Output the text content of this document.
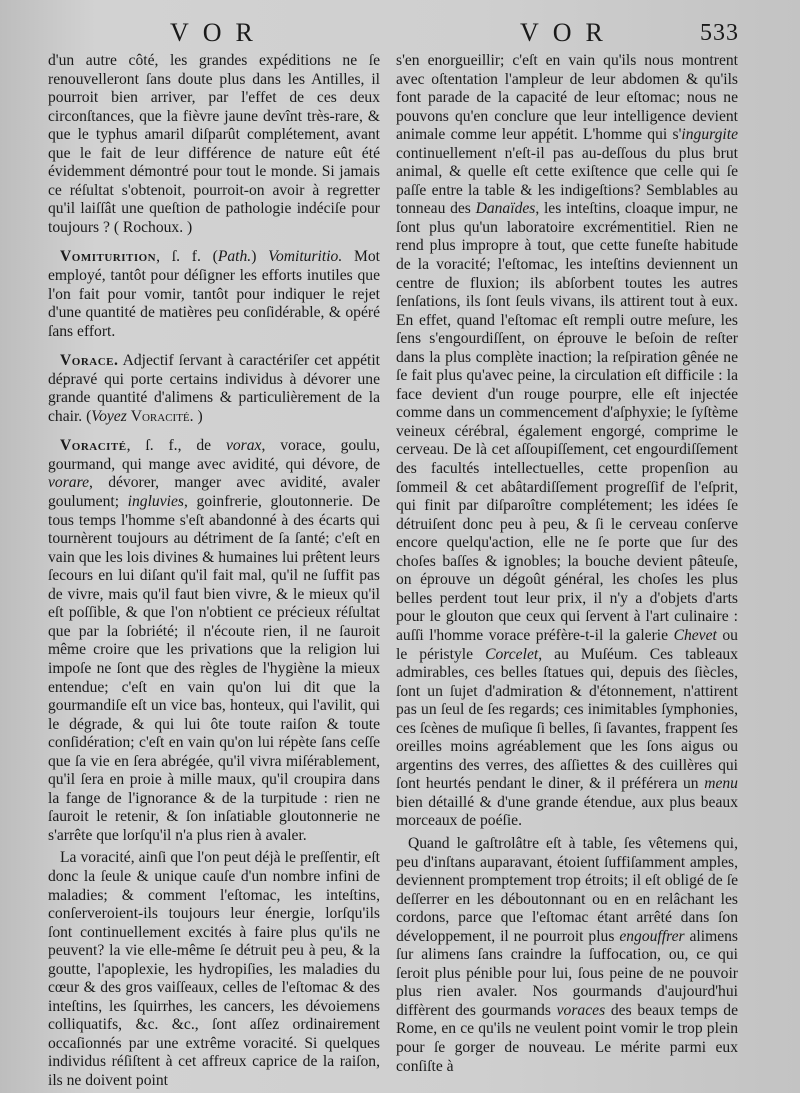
VOR	VOR	533

d'un autre côté, les grandes expéditions ne ſe renouvelleront ſans doute plus dans les Antilles, il pourroit bien arriver, par l'effet de ces deux circonſtances, que la fièvre jaune devînt très-rare, & que le typhus amaril diſparût complétement, avant que le fait de leur différence de nature eût été évidemment démontré pour tout le monde. Si jamais ce réſultat s'obtenoit, pourroit-on avoir à regretter qu'il laiſſât une queſtion de pathologie indéciſe pour toujours ? ( Rochoux. )

Vomiturition, ſ. f. (Path.) Vomituritio. Mot employé, tantôt pour déſigner les efforts inutiles que l'on fait pour vomir, tantôt pour indiquer le rejet d'une quantité de matières peu conſidérable, & opéré ſans effort.

Vorace. Adjectif ſervant à caractériſer cet appétit dépravé qui porte certains individus à dévorer une grande quantité d'alimens & particulièrement de la chair. (Voyez Voracité. )

Voracité, ſ. f., de vorax, vorace, goulu, gourmand, qui mange avec avidité, qui dévore, de vorare, dévorer, manger avec avidité, avaler goulument; ingluvies, goinfrerie, gloutonnerie. De tous temps l'homme s'eſt abandonné à des écarts qui tournèrent toujours au détriment de ſa ſanté; c'eſt en vain que les lois divines & humaines lui prêtent leurs ſecours en lui diſant qu'il fait mal, qu'il ne ſuffit pas de vivre, mais qu'il faut bien vivre, & le mieux qu'il eſt poſſible, & que l'on n'obtient ce précieux réſultat que par la ſobriété; il n'écoute rien, il ne ſauroit même croire que les privations que la religion lui impoſe ne ſont que des règles de l'hygiène la mieux entendue; c'eſt en vain qu'on lui dit que la gourmandiſe eſt un vice bas, honteux, qui l'avilit, qui le dégrade, & qui lui ôte toute raiſon & toute conſidération; c'eſt en vain qu'on lui répète ſans ceſſe que ſa vie en ſera abrégée, qu'il vivra miſérablement, qu'il ſera en proie à mille maux, qu'il croupira dans la fange de l'ignorance & de la turpitude : rien ne ſauroit le retenir, & ſon inſatiable gloutonnerie ne s'arrête que lorſqu'il n'a plus rien à avaler.

La voracité, ainſi que l'on peut déjà le preſſentir, eſt donc la ſeule & unique cauſe d'un nombre infini de maladies; & comment l'eſtomac, les inteſtins, conſerveroient-ils toujours leur énergie, lorſqu'ils ſont continuellement excités à faire plus qu'ils ne peuvent? la vie elle-même ſe détruit peu à peu, & la goutte, l'apoplexie, les hydropiſies, les maladies du cœur & des gros vaiſſeaux, celles de l'eſtomac & des inteſtins, les ſquirrhes, les cancers, les dévoiemens colliquatifs, &c. &c., ſont aſſez ordinairement occaſionnés par une extrême voracité. Si quelques individus réſiſtent à cet affreux caprice de la raiſon, ils ne doivent point

s'en enorgueillir; c'eſt en vain qu'ils nous montrent avec oſtentation l'ampleur de leur abdomen & qu'ils font parade de la capacité de leur eſtomac; nous ne pouvons qu'en conclure que leur intelligence devient animale comme leur appétit. L'homme qui s'ingurgite continuellement n'eſt-il pas au-deſſous du plus brut animal, & quelle eſt cette exiſtence que celle qui ſe paſſe entre la table & les indigeſtions? Semblables au tonneau des Danaïdes, les inteſtins, cloaque impur, ne ſont plus qu'un laboratoire excrémentitiel. Rien ne rend plus impropre à tout, que cette funeſte habitude de la voracité; l'eſtomac, les inteſtins deviennent un centre de fluxion; ils abſorbent toutes les autres ſenſations, ils ſont ſeuls vivans, ils attirent tout à eux. En effet, quand l'eſtomac eſt rempli outre meſure, les ſens s'engourdiſſent, on éprouve le beſoin de reſter dans la plus complète inaction; la reſpiration gênée ne ſe fait plus qu'avec peine, la circulation eſt difficile : la face devient d'un rouge pourpre, elle eſt injectée comme dans un commencement d'aſphyxie; le ſyſtème veineux cérébral, également engorgé, comprime le cerveau. De là cet aſſoupiſſement, cet engourdiſſement des facultés intellectuelles, cette propenſion au ſommeil & cet abâtardiſſement progreſſif de l'eſprit, qui finit par diſparoître complétement; les idées ſe détruiſent donc peu à peu, & ſi le cerveau conſerve encore quelqu'action, elle ne ſe porte que ſur des choſes baſſes & ignobles; la bouche devient pâteuſe, on éprouve un dégoût général, les choſes les plus belles perdent tout leur prix, il n'y a d'objets d'arts pour le glouton que ceux qui ſervent à l'art culinaire : auſſi l'homme vorace préfère-t-il la galerie Chevet ou le péristyle Corcelet, au Muſéum. Ces tableaux admirables, ces belles ſtatues qui, depuis des ſiècles, ſont un ſujet d'admiration & d'étonnement, n'attirent pas un ſeul de ſes regards; ces inimitables ſymphonies, ces ſcènes de muſique ſi belles, ſi ſavantes, frappent ſes oreilles moins agréablement que les ſons aigus ou argentins des verres, des aſſiettes & des cuillères qui ſont heurtés pendant le diner, & il préférera un menu bien détaillé & d'une grande étendue, aux plus beaux morceaux de poéſie.

Quand le gaſtrolâtre eſt à table, ſes vêtemens qui, peu d'inſtans auparavant, étoient ſuffiſamment amples, deviennent promptement trop étroits; il eſt obligé de ſe deſſerrer en les déboutonnant ou en en relâchant les cordons, parce que l'eſtomac étant arrêté dans ſon développement, il ne pourroit plus engouffrer alimens ſur alimens ſans craindre la ſuffocation, ou, ce qui ſeroit plus pénible pour lui, ſous peine de ne pouvoir plus rien avaler. Nos gourmands d'aujourd'hui diffèrent des gourmands voraces des beaux temps de Rome, en ce qu'ils ne veulent point vomir le trop plein pour ſe gorger de nouveau. Le mérite parmi eux conſiſte à
